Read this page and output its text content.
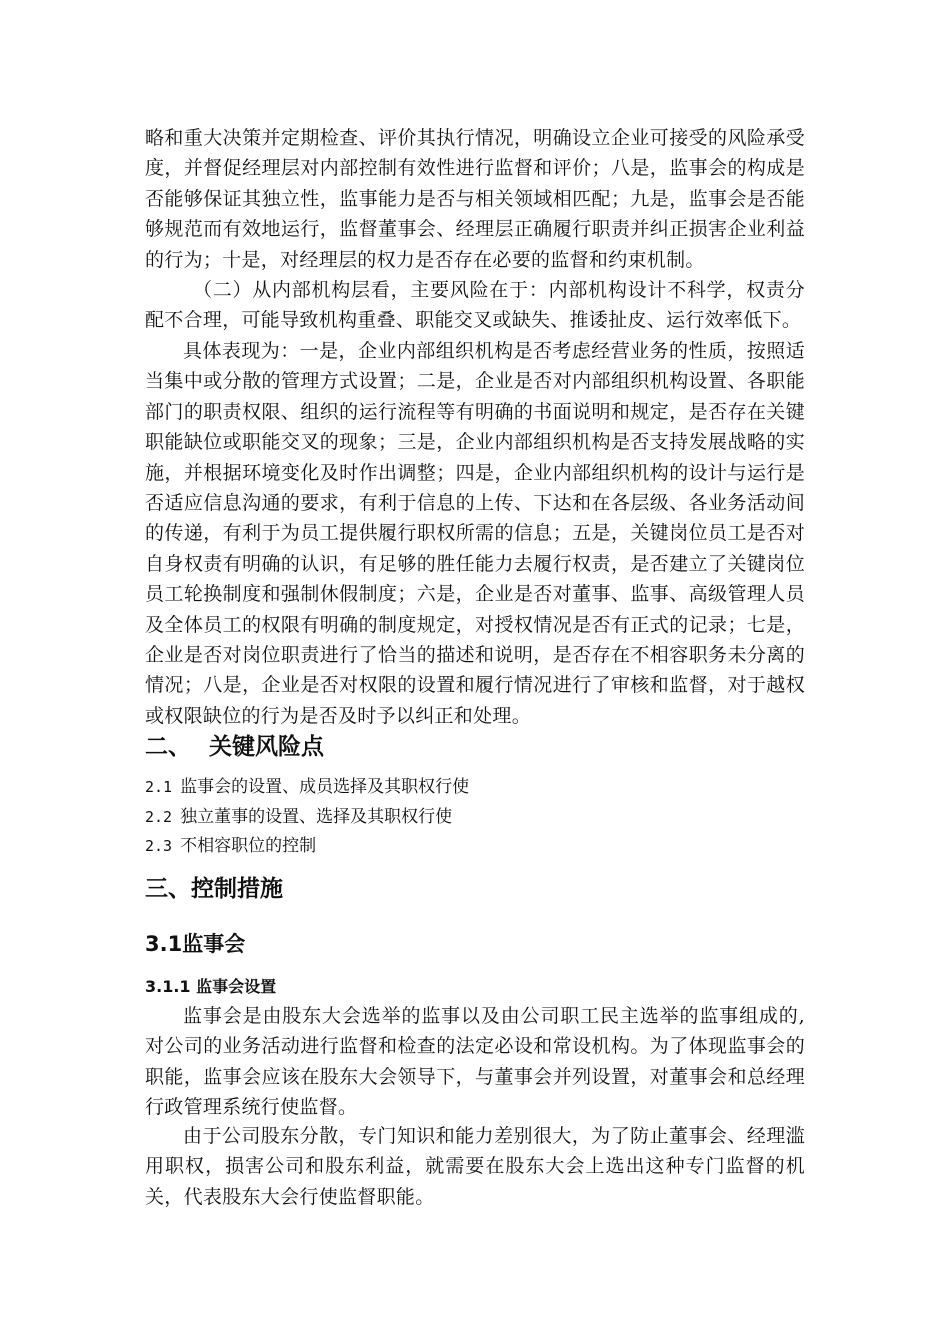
略和重大决策并定期检查、评价其执行情况，明确设立企业可接受的风险承受度，并督促经理层对内部控制有效性进行监督和评价；八是，监事会的构成是否能够保证其独立性，监事能力是否与相关领域相匹配；九是，监事会是否能够规范而有效地运行，监督董事会、经理层正确履行职责并纠正损害企业利益的行为；十是，对经理层的权力是否存在必要的监督和约束机制。

（二）从内部机构层看，主要风险在于：内部机构设计不科学，权责分配不合理，可能导致机构重叠、职能交叉或缺失、推诿扯皮、运行效率低下。

具体表现为：一是，企业内部组织机构是否考虑经营业务的性质，按照适当集中或分散的管理方式设置；二是，企业是否对内部组织机构设置、各职能部门的职责权限、组织的运行流程等有明确的书面说明和规定，是否存在关键职能缺位或职能交叉的现象；三是，企业内部组织机构是否支持发展战略的实施，并根据环境变化及时作出调整；四是，企业内部组织机构的设计与运行是否适应信息沟通的要求，有利于信息的上传、下达和在各层级、各业务活动间的传递，有利于为员工提供履行职权所需的信息；五是，关键岗位员工是否对自身权责有明确的认识，有足够的胜任能力去履行权责，是否建立了关键岗位员工轮换制度和强制休假制度；六是，企业是否对董事、监事、高级管理人员及全体员工的权限有明确的制度规定，对授权情况是否有正式的记录；七是，企业是否对岗位职责进行了恰当的描述和说明，是否存在不相容职务未分离的情况；八是，企业是否对权限的设置和履行情况进行了审核和监督，对于越权或权限缺位的行为是否及时予以纠正和处理。

二、 关键风险点
2.1 监事会的设置、成员选择及其职权行使
2.2 独立董事的设置、选择及其职权行使
2.3 不相容职位的控制
三、控制措施
3.1监事会
3.1.1 监事会设置

监事会是由股东大会选举的监事以及由公司职工民主选举的监事组成的,对公司的业务活动进行监督和检查的法定必设和常设机构。为了体现监事会的职能，监事会应该在股东大会领导下，与董事会并列设置，对董事会和总经理行政管理系统行使监督。

由于公司股东分散，专门知识和能力差别很大，为了防止董事会、经理滥用职权，损害公司和股东利益，就需要在股东大会上选出这种专门监督的机关，代表股东大会行使监督职能。
